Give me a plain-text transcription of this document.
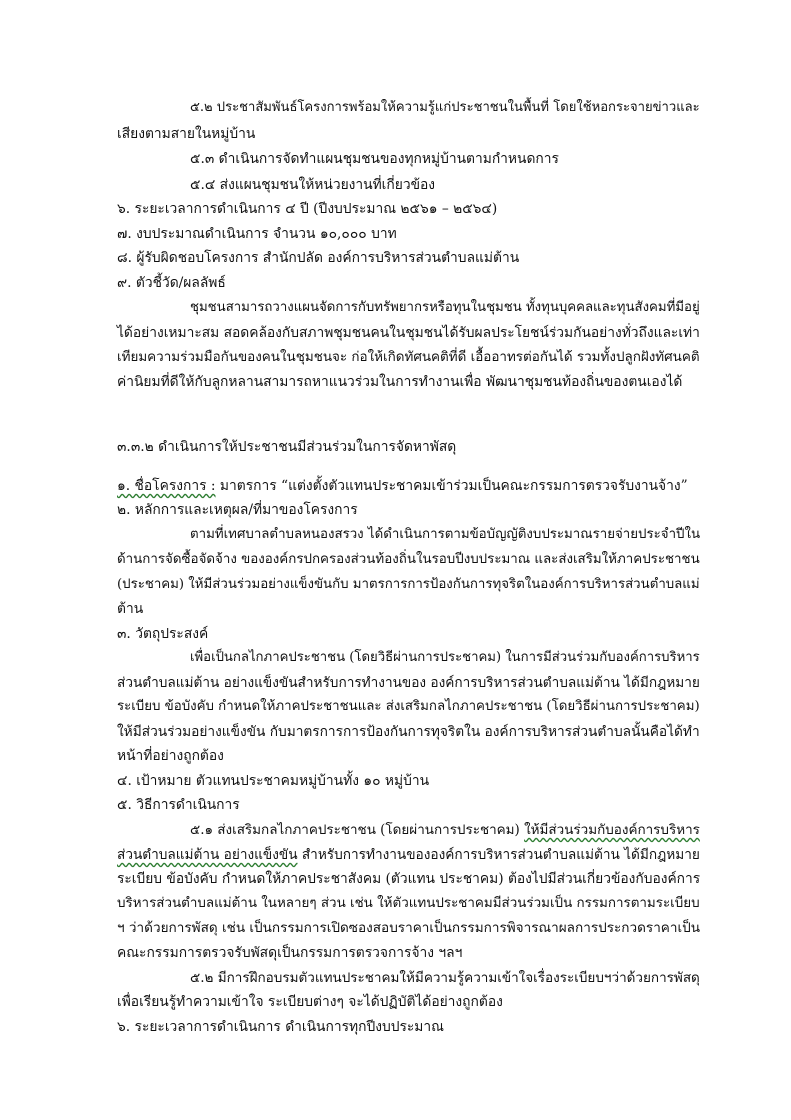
๕.๒ ประชาสัมพันธ์โครงการพร้อมให้ความรู้แก่ประชาชนในพื้นที่ โดยใช้หอกระจายข่าวและ
เสียงตามสายในหมู่บ้าน
๕.๓ ดำเนินการจัดทำแผนชุมชนของทุกหมู่บ้านตามกำหนดการ
๕.๔ ส่งแผนชุมชนให้หน่วยงานที่เกี่ยวข้อง
๖. ระยะเวลาการดำเนินการ ๔ ปี (ปีงบประมาณ ๒๕๖๑ – ๒๕๖๔)
๗. งบประมาณดำเนินการ จำนวน ๑๐,๐๐๐ บาท
๘. ผู้รับผิดชอบโครงการ สำนักปลัด องค์การบริหารส่วนตำบลแม่ต้าน
๙. ตัวชี้วัด/ผลลัพธ์
ชุมชนสามารถวางแผนจัดการกับทรัพยากรหรือทุนในชุมชน ทั้งทุนบุคคลและทุนสังคมที่มีอยู่
ได้อย่างเหมาะสม สอดคล้องกับสภาพชุมชนคนในชุมชนได้รับผลประโยชน์ร่วมกันอย่างทั่วถึงและเท่า
เทียมความร่วมมือกันของคนในชุมชนจะ ก่อให้เกิดทัศนคติที่ดี เอื้ออาทรต่อกันได้ รวมทั้งปลูกฝังทัศนคติ
ค่านิยมที่ดีให้กับลูกหลานสามารถหาแนวร่วมในการทำงานเพื่อ พัฒนาชุมชนท้องถิ่นของตนเองได้
๓.๓.๒ ดำเนินการให้ประชาชนมีส่วนร่วมในการจัดหาพัสดุ
๑. ชื่อโครงการ : มาตรการ “แต่งตั้งตัวแทนประชาคมเข้าร่วมเป็นคณะกรรมการตรวจรับงานจ้าง”
๒. หลักการและเหตุผล/ที่มาของโครงการ
ตามที่เทศบาลตำบลหนองสรวง ได้ดำเนินการตามข้อบัญญัติงบประมาณรายจ่ายประจำปีใน
ด้านการจัดซื้อจัดจ้าง ขององค์กรปกครองส่วนท้องถิ่นในรอบปีงบประมาณ และส่งเสริมให้ภาคประชาชน
(ประชาคม) ให้มีส่วนร่วมอย่างแข็งขันกับ มาตรการการป้องกันการทุจริตในองค์การบริหารส่วนตำบลแม่
ต้าน
๓. วัตถุประสงค์
เพื่อเป็นกลไกภาคประชาชน (โดยวิธีผ่านการประชาคม) ในการมีส่วนร่วมกับองค์การบริหาร
ส่วนตำบลแม่ต้าน อย่างแข็งขันสำหรับการทำงานของ องค์การบริหารส่วนตำบลแม่ต้าน ได้มีกฎหมาย
ระเบียบ ข้อบังคับ กำหนดให้ภาคประชาชนและ ส่งเสริมกลไกภาคประชาชน (โดยวิธีผ่านการประชาคม)
ให้มีส่วนร่วมอย่างแข็งขัน กับมาตรการการป้องกันการทุจริตใน องค์การบริหารส่วนตำบลนั้นคือได้ทำ
หน้าที่อย่างถูกต้อง
๔. เป้าหมาย ตัวแทนประชาคมหมู่บ้านทั้ง ๑๐ หมู่บ้าน
๕. วิธีการดำเนินการ
๕.๑ ส่งเสริมกลไกภาคประชาชน (โดยผ่านการประชาคม) ให้มีส่วนร่วมกับองค์การบริหาร
ส่วนตำบลแม่ต้าน อย่างแข็งขัน สำหรับการทำงานขององค์การบริหารส่วนตำบลแม่ต้าน ได้มีกฎหมาย
ระเบียบ ข้อบังคับ กำหนดให้ภาคประชาสังคม (ตัวแทน ประชาคม) ต้องไปมีส่วนเกี่ยวข้องกับองค์การ
บริหารส่วนตำบลแม่ต้าน ในหลายๆ ส่วน เช่น ให้ตัวแทนประชาคมมีส่วนร่วมเป็น กรรมการตามระเบียบ
ฯ ว่าด้วยการพัสดุ เช่น เป็นกรรมการเปิดซองสอบราคาเป็นกรรมการพิจารณาผลการประกวดราคาเป็น
คณะกรรมการตรวจรับพัสดุเป็นกรรมการตรวจการจ้าง ฯลฯ
๕.๒ มีการฝึกอบรมตัวแทนประชาคมให้มีความรู้ความเข้าใจเรื่องระเบียบฯว่าด้วยการพัสดุ
เพื่อเรียนรู้ทำความเข้าใจ ระเบียบต่างๆ จะได้ปฏิบัติได้อย่างถูกต้อง
๖. ระยะเวลาการดำเนินการ ดำเนินการทุกปีงบประมาณ
